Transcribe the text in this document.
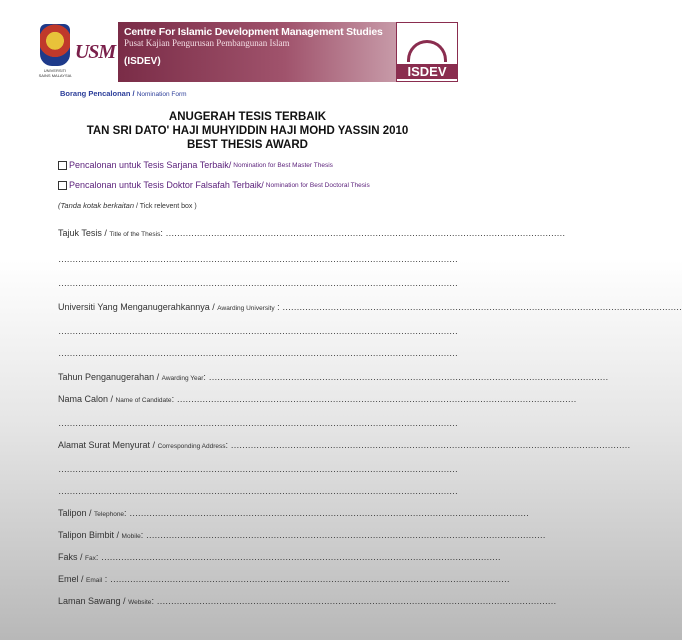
UNIVERSITI SAINS MALAYSIA
USM
Centre For Islamic Development Management Studies
Pusat Kajian Pengurusan Pembangunan Islam
(ISDEV)
ISDEV
Borang Pencalonan / Nomination Form
ANUGERAH TESIS TERBAIK
TAN SRI DATO' HAJI MUHYIDDIN HAJI MOHD YASSIN 2010
BEST THESIS AWARD
Pencalonan untuk Tesis Sarjana Terbaik / Nomination for Best Master Thesis
Pencalonan untuk Tesis Doktor Falsafah Terbaik / Nomination for Best Doctoral Thesis
(Tanda kotak berkaitan / Tick relevent box )
Tajuk Tesis / Title of the Thesis: ……………………………………………………………………………………………………………………………
……………………………………………………………………………………………………………………………
……………………………………………………………………………………………………………………………
Universiti Yang Menganugerahkannya / Awarding University : ……………………………………………………………………………………………………………………………
……………………………………………………………………………………………………………………………
……………………………………………………………………………………………………………………………
Tahun Penganugerahan / Awarding Year: ……………………………………………………………………………………………………………………………
Nama Calon / Name of Candidate: ……………………………………………………………………………………………………………………………
……………………………………………………………………………………………………………………………
Alamat Surat Menyurat / Corresponding Address: ……………………………………………………………………………………………………………………………
……………………………………………………………………………………………………………………………
……………………………………………………………………………………………………………………………
Talipon / Telephone: ……………………………………………………………………………………………………………………………
Talipon Bimbit / Mobile: ……………………………………………………………………………………………………………………………
Faks / Fax: ……………………………………………………………………………………………………………………………
Emel / Email : ……………………………………………………………………………………………………………………………
Laman Sawang / Website: ……………………………………………………………………………………………………………………………
